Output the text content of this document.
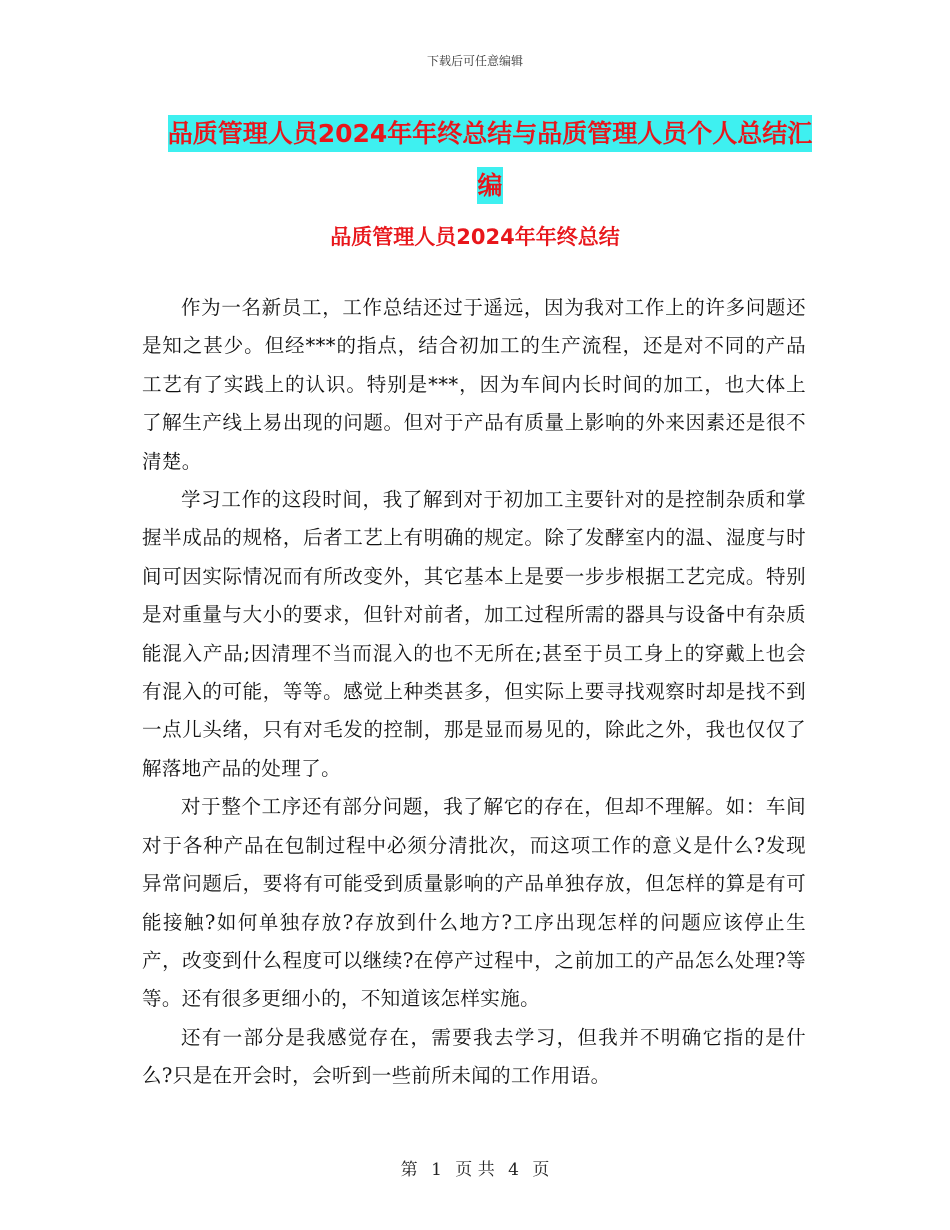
下载后可任意编辑
品质管理人员2024年年终总结与品质管理人员个人总结汇编
品质管理人员2024年年终总结

作为一名新员工，工作总结还过于遥远，因为我对工作上的许多问题还是知之甚少。但经***的指点，结合初加工的生产流程，还是对不同的产品工艺有了实践上的认识。特别是***，因为车间内长时间的加工，也大体上了解生产线上易出现的问题。但对于产品有质量上影响的外来因素还是很不清楚。

学习工作的这段时间，我了解到对于初加工主要针对的是控制杂质和掌握半成品的规格，后者工艺上有明确的规定。除了发酵室内的温、湿度与时间可因实际情况而有所改变外，其它基本上是要一步步根据工艺完成。特别是对重量与大小的要求，但针对前者，加工过程所需的器具与设备中有杂质能混入产品;因清理不当而混入的也不无所在;甚至于员工身上的穿戴上也会有混入的可能，等等。感觉上种类甚多，但实际上要寻找观察时却是找不到一点儿头绪，只有对毛发的控制，那是显而易见的，除此之外，我也仅仅了解落地产品的处理了。

对于整个工序还有部分问题，我了解它的存在，但却不理解。如：车间对于各种产品在包制过程中必须分清批次，而这项工作的意义是什么?发现异常问题后，要将有可能受到质量影响的产品单独存放，但怎样的算是有可能接触?如何单独存放?存放到什么地方?工序出现怎样的问题应该停止生产，改变到什么程度可以继续?在停产过程中，之前加工的产品怎么处理?等等。还有很多更细小的，不知道该怎样实施。

还有一部分是我感觉存在，需要我去学习，但我并不明确它指的是什么?只是在开会时，会听到一些前所未闻的工作用语。

第 1 页 共 4 页
